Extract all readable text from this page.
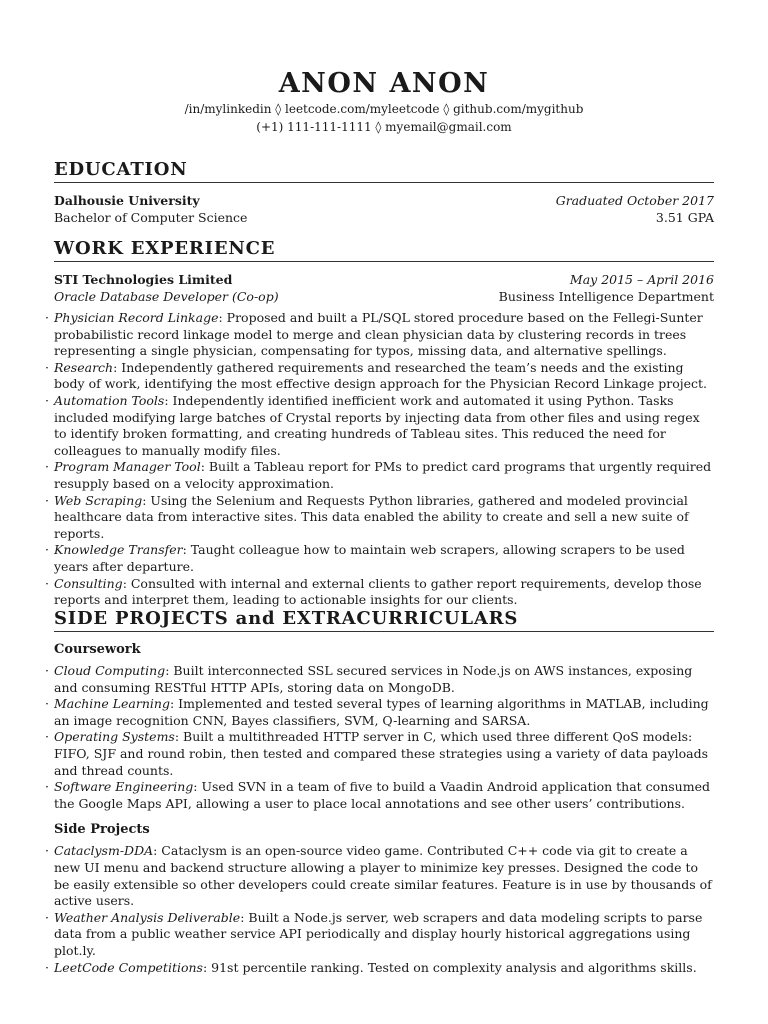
ANON ANON
/in/mylinkedin ◊ leetcode.com/myleetcode ◊ github.com/mygithub
(+1) 111-111-1111 ◊ myemail@gmail.com
EDUCATION
Dalhousie University	Graduated October 2017
Bachelor of Computer Science	3.51 GPA
WORK EXPERIENCE
STI Technologies Limited	May 2015 – April 2016
Oracle Database Developer (Co-op)	Business Intelligence Department
· Physician Record Linkage: Proposed and built a PL/SQL stored procedure based on the Fellegi-Sunter probabilistic record linkage model to merge and clean physician data by clustering records in trees representing a single physician, compensating for typos, missing data, and alternative spellings.
· Research: Independently gathered requirements and researched the team’s needs and the existing body of work, identifying the most effective design approach for the Physician Record Linkage project.
· Automation Tools: Independently identified inefficient work and automated it using Python. Tasks included modifying large batches of Crystal reports by injecting data from other files and using regex to identify broken formatting, and creating hundreds of Tableau sites. This reduced the need for colleagues to manually modify files.
· Program Manager Tool: Built a Tableau report for PMs to predict card programs that urgently required resupply based on a velocity approximation.
· Web Scraping: Using the Selenium and Requests Python libraries, gathered and modeled provincial healthcare data from interactive sites. This data enabled the ability to create and sell a new suite of reports.
· Knowledge Transfer: Taught colleague how to maintain web scrapers, allowing scrapers to be used years after departure.
· Consulting: Consulted with internal and external clients to gather report requirements, develop those reports and interpret them, leading to actionable insights for our clients.
SIDE PROJECTS and EXTRACURRICULARS
Coursework
· Cloud Computing: Built interconnected SSL secured services in Node.js on AWS instances, exposing and consuming RESTful HTTP APIs, storing data on MongoDB.
· Machine Learning: Implemented and tested several types of learning algorithms in MATLAB, including an image recognition CNN, Bayes classifiers, SVM, Q-learning and SARSA.
· Operating Systems: Built a multithreaded HTTP server in C, which used three different QoS models: FIFO, SJF and round robin, then tested and compared these strategies using a variety of data payloads and thread counts.
· Software Engineering: Used SVN in a team of five to build a Vaadin Android application that consumed the Google Maps API, allowing a user to place local annotations and see other users’ contributions.
Side Projects
· Cataclysm-DDA: Cataclysm is an open-source video game. Contributed C++ code via git to create a new UI menu and backend structure allowing a player to minimize key presses. Designed the code to be easily extensible so other developers could create similar features. Feature is in use by thousands of active users.
· Weather Analysis Deliverable: Built a Node.js server, web scrapers and data modeling scripts to parse data from a public weather service API periodically and display hourly historical aggregations using plot.ly.
· LeetCode Competitions: 91st percentile ranking. Tested on complexity analysis and algorithms skills.
